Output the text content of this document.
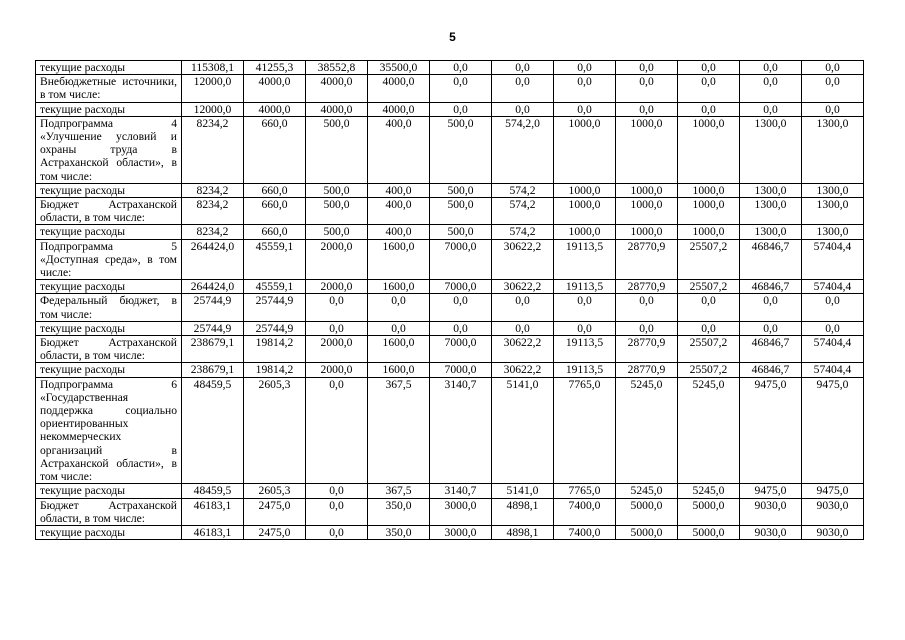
5
текущие расходы	115308,1	41255,3	38552,8	35500,0	0,0	0,0	0,0	0,0	0,0	0,0	0,0
Внебюджетные источники, в том числе:	12000,0	4000,0	4000,0	4000,0	0,0	0,0	0,0	0,0	0,0	0,0	0,0
текущие расходы	12000,0	4000,0	4000,0	4000,0	0,0	0,0	0,0	0,0	0,0	0,0	0,0
Подпрограмма 4 «Улучшение условий и охраны труда в Астраханской области», в том числе:	8234,2	660,0	500,0	400,0	500,0	574,2,0	1000,0	1000,0	1000,0	1300,0	1300,0
текущие расходы	8234,2	660,0	500,0	400,0	500,0	574,2	1000,0	1000,0	1000,0	1300,0	1300,0
Бюджет Астраханской области, в том числе:	8234,2	660,0	500,0	400,0	500,0	574,2	1000,0	1000,0	1000,0	1300,0	1300,0
текущие расходы	8234,2	660,0	500,0	400,0	500,0	574,2	1000,0	1000,0	1000,0	1300,0	1300,0
Подпрограмма 5 «Доступная среда», в том числе:	264424,0	45559,1	2000,0	1600,0	7000,0	30622,2	19113,5	28770,9	25507,2	46846,7	57404,4
текущие расходы	264424,0	45559,1	2000,0	1600,0	7000,0	30622,2	19113,5	28770,9	25507,2	46846,7	57404,4
Федеральный бюджет, в том числе:	25744,9	25744,9	0,0	0,0	0,0	0,0	0,0	0,0	0,0	0,0	0,0
текущие расходы	25744,9	25744,9	0,0	0,0	0,0	0,0	0,0	0,0	0,0	0,0	0,0
Бюджет Астраханской области, в том числе:	238679,1	19814,2	2000,0	1600,0	7000,0	30622,2	19113,5	28770,9	25507,2	46846,7	57404,4
текущие расходы	238679,1	19814,2	2000,0	1600,0	7000,0	30622,2	19113,5	28770,9	25507,2	46846,7	57404,4
Подпрограмма 6 «Государственная поддержка социально ориентированных некоммерческих организаций в Астраханской области», в том числе:	48459,5	2605,3	0,0	367,5	3140,7	5141,0	7765,0	5245,0	5245,0	9475,0	9475,0
текущие расходы	48459,5	2605,3	0,0	367,5	3140,7	5141,0	7765,0	5245,0	5245,0	9475,0	9475,0
Бюджет Астраханской области, в том числе:	46183,1	2475,0	0,0	350,0	3000,0	4898,1	7400,0	5000,0	5000,0	9030,0	9030,0
текущие расходы	46183,1	2475,0	0,0	350,0	3000,0	4898,1	7400,0	5000,0	5000,0	9030,0	9030,0
